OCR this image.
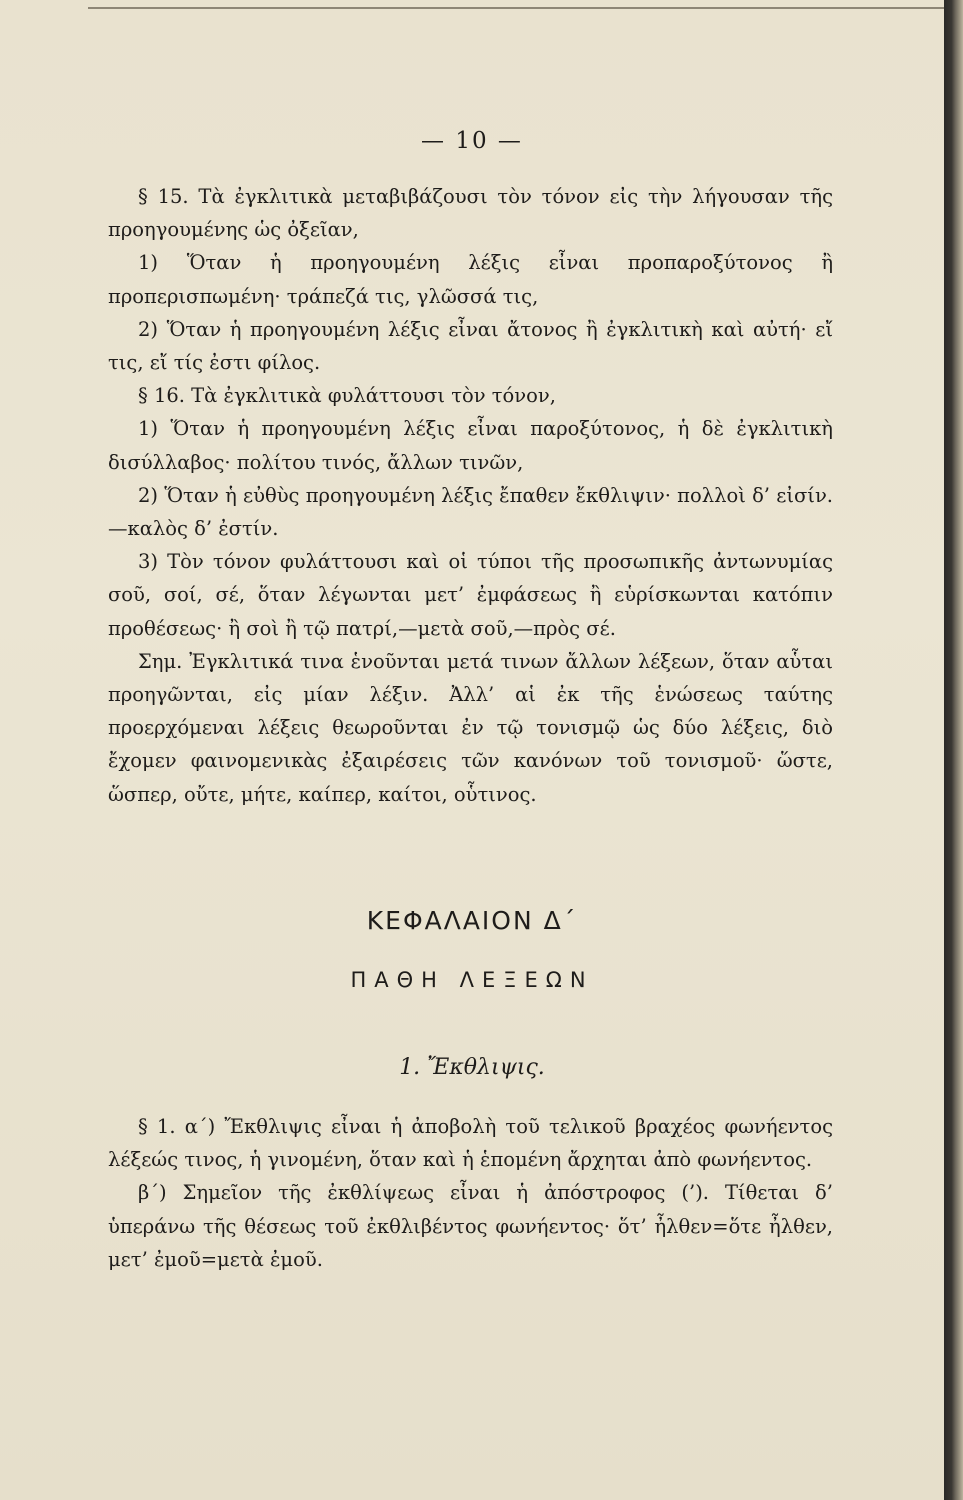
— 10 —

§ 15. Τὰ ἐγκλιτικὰ μεταβιβάζουσι τὸν τόνον εἰς τὴν λήγουσαν τῆς προηγουμένης ὡς ὀξεῖαν,

1) Ὅταν ἡ προηγουμένη λέξις εἶναι προπαροξύτονος ἢ προπερισπωμένη· τράπεζά τις, γλῶσσά τις,

2) Ὅταν ἡ προηγουμένη λέξις εἶναι ἄτονος ἢ ἐγκλιτικὴ καὶ αὐτή· εἴ τις, εἴ τίς ἐστι φίλος.

§ 16. Τὰ ἐγκλιτικὰ φυλάττουσι τὸν τόνον,

1) Ὅταν ἡ προηγουμένη λέξις εἶναι παροξύτονος, ἡ δὲ ἐγκλιτικὴ δισύλλαβος· πολίτου τινός, ἄλλων τινῶν,

2) Ὅταν ἡ εὐθὺς προηγουμένη λέξις ἔπαθεν ἔκθλιψιν· πολλοὶ δ’ εἰσίν.—καλὸς δ’ ἐστίν.

3) Τὸν τόνον φυλάττουσι καὶ οἱ τύποι τῆς προσωπικῆς ἀντωνυμίας σοῦ, σοί, σέ, ὅταν λέγωνται μετ’ ἐμφάσεως ἢ εὑρίσκωνται κατόπιν προθέσεως· ἢ σοὶ ἢ τῷ πατρί,—μετὰ σοῦ,—πρὸς σέ.

Σημ. Ἐγκλιτικά τινα ἑνοῦνται μετά τινων ἄλλων λέξεων, ὅταν αὗται προηγῶνται, εἰς μίαν λέξιν. Ἀλλ’ αἱ ἐκ τῆς ἑνώσεως ταύτης προερχόμεναι λέξεις θεωροῦνται ἐν τῷ τονισμῷ ὡς δύο λέξεις, διὸ ἔχομεν φαινομενικὰς ἐξαιρέσεις τῶν κανόνων τοῦ τονισμοῦ· ὥστε, ὥσπερ, οὔτε, μήτε, καίπερ, καίτοι, οὗτινος.

ΚΕΦΑΛΑΙΟΝ Δ΄
ΠΑΘΗ ΛΕΞΕΩΝ
1. Ἔκθλιψις.

§ 1. α΄) Ἔκθλιψις εἶναι ἡ ἀποβολὴ τοῦ τελικοῦ βραχέος φωνήεντος λέξεώς τινος, ἡ γινομένη, ὅταν καὶ ἡ ἑπομένη ἄρχηται ἀπὸ φωνήεντος.

β΄) Σημεῖον τῆς ἐκθλίψεως εἶναι ἡ ἀπόστροφος (’). Τίθεται δ’ ὑπεράνω τῆς θέσεως τοῦ ἐκθλιβέντος φωνήεντος· ὅτ’ ἦλθεν=ὅτε ἦλθεν, μετ’ ἐμοῦ=μετὰ ἐμοῦ.
